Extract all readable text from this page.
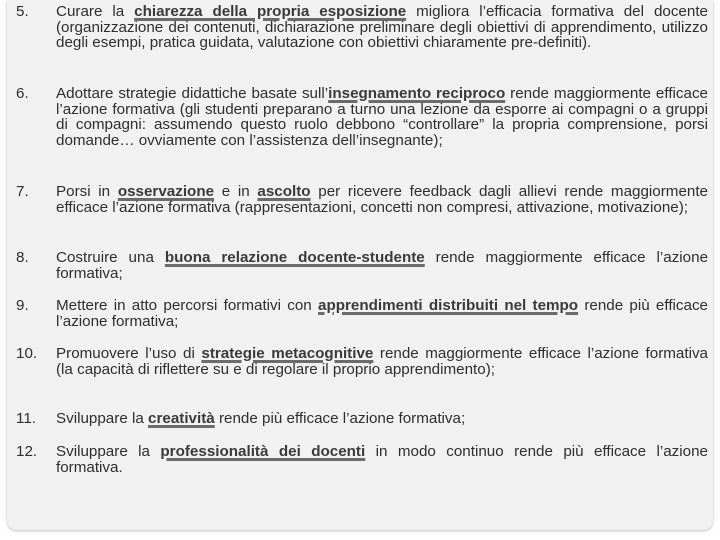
5.	Curare la chiarezza della propria esposizione migliora l’efficacia formativa del docente (organizzazione dei contenuti, dichiarazione preliminare degli obiettivi di apprendimento, utilizzo degli esempi, pratica guidata, valutazione con obiettivi chiaramente pre-definiti).
6.	Adottare strategie didattiche basate sull’insegnamento reciproco rende maggiormente efficace l’azione formativa (gli studenti preparano a turno una lezione da esporre ai compagni o a gruppi di compagni: assumendo questo ruolo debbono “controllare” la propria comprensione, porsi domande… ovviamente con l’assistenza dell’insegnante);
7.	Porsi in osservazione e in ascolto per ricevere feedback dagli allievi rende maggiormente efficace l’azione formativa (rappresentazioni, concetti non compresi, attivazione, motivazione);
8.	Costruire una buona relazione docente-studente rende maggiormente efficace l’azione formativa;
9.	Mettere in atto percorsi formativi con apprendimenti distribuiti nel tempo rende più efficace l’azione formativa;
10.	Promuovere l’uso di strategie metacognitive rende maggiormente efficace l’azione formativa (la capacità di riflettere su e di regolare il proprio apprendimento);
11.	Sviluppare la creatività rende più efficace l’azione formativa;
12.	Sviluppare la professionalità dei docenti in modo continuo rende più efficace l’azione formativa.
